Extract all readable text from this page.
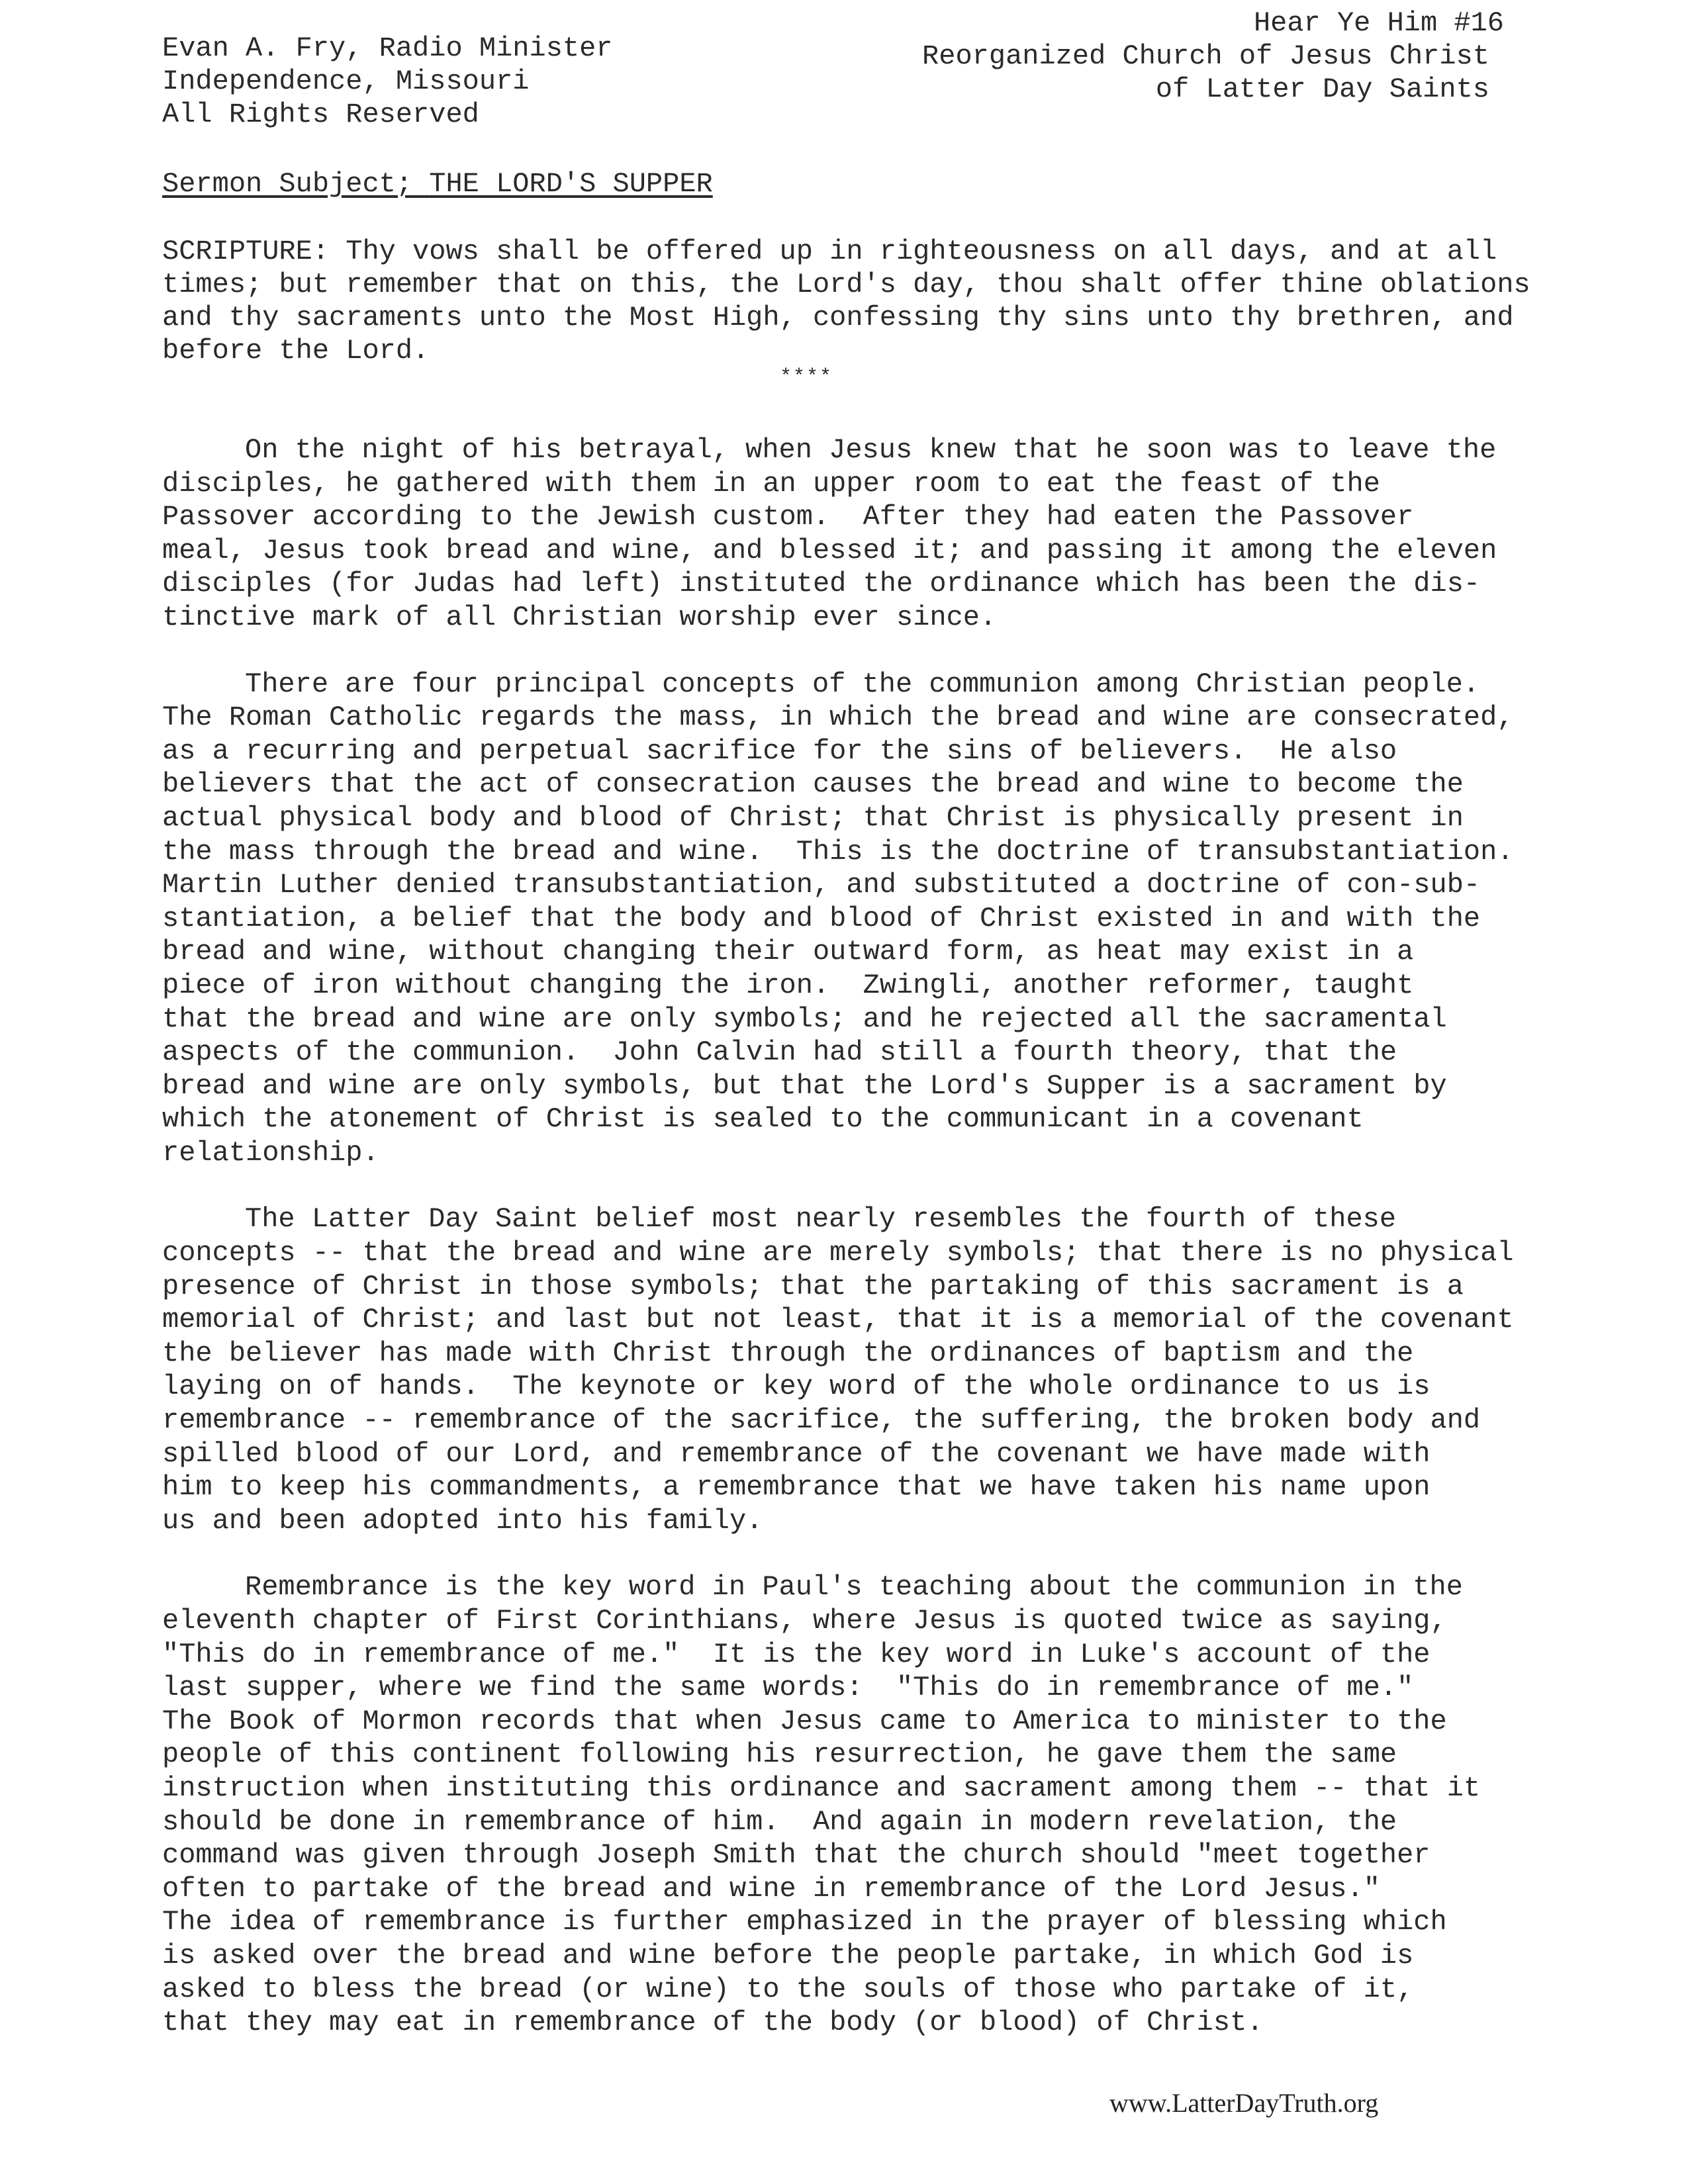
Evan A. Fry, Radio Minister
Independence, Missouri
All Rights Reserved
Hear Ye Him #16
Reorganized Church of Jesus Christ
of Latter Day Saints
Sermon Subject; THE LORD'S SUPPER
SCRIPTURE: Thy vows shall be offered up in righteousness on all days, and at all
times; but remember that on this, the Lord's day, thou shalt offer thine oblations
and thy sacraments unto the Most High, confessing thy sins unto thy brethren, and
before the Lord.
****
On the night of his betrayal, when Jesus knew that he soon was to leave the
disciples, he gathered with them in an upper room to eat the feast of the
Passover according to the Jewish custom.  After they had eaten the Passover
meal, Jesus took bread and wine, and blessed it; and passing it among the eleven
disciples (for Judas had left) instituted the ordinance which has been the dis-
tinctive mark of all Christian worship ever since.
There are four principal concepts of the communion among Christian people.
The Roman Catholic regards the mass, in which the bread and wine are consecrated,
as a recurring and perpetual sacrifice for the sins of believers.  He also
believers that the act of consecration causes the bread and wine to become the
actual physical body and blood of Christ; that Christ is physically present in
the mass through the bread and wine.  This is the doctrine of transubstantiation.
Martin Luther denied transubstantiation, and substituted a doctrine of con-sub-
stantiation, a belief that the body and blood of Christ existed in and with the
bread and wine, without changing their outward form, as heat may exist in a
piece of iron without changing the iron.  Zwingli, another reformer, taught
that the bread and wine are only symbols; and he rejected all the sacramental
aspects of the communion.  John Calvin had still a fourth theory, that the
bread and wine are only symbols, but that the Lord's Supper is a sacrament by
which the atonement of Christ is sealed to the communicant in a covenant
relationship.
The Latter Day Saint belief most nearly resembles the fourth of these
concepts -- that the bread and wine are merely symbols; that there is no physical
presence of Christ in those symbols; that the partaking of this sacrament is a
memorial of Christ; and last but not least, that it is a memorial of the covenant
the believer has made with Christ through the ordinances of baptism and the
laying on of hands.  The keynote or key word of the whole ordinance to us is
remembrance -- remembrance of the sacrifice, the suffering, the broken body and
spilled blood of our Lord, and remembrance of the covenant we have made with
him to keep his commandments, a remembrance that we have taken his name upon
us and been adopted into his family.
Remembrance is the key word in Paul's teaching about the communion in the
eleventh chapter of First Corinthians, where Jesus is quoted twice as saying,
"This do in remembrance of me."  It is the key word in Luke's account of the
last supper, where we find the same words:  "This do in remembrance of me."
The Book of Mormon records that when Jesus came to America to minister to the
people of this continent following his resurrection, he gave them the same
instruction when instituting this ordinance and sacrament among them -- that it
should be done in remembrance of him.  And again in modern revelation, the
command was given through Joseph Smith that the church should "meet together
often to partake of the bread and wine in remembrance of the Lord Jesus."
The idea of remembrance is further emphasized in the prayer of blessing which
is asked over the bread and wine before the people partake, in which God is
asked to bless the bread (or wine) to the souls of those who partake of it,
that they may eat in remembrance of the body (or blood) of Christ.
www.LatterDayTruth.org
